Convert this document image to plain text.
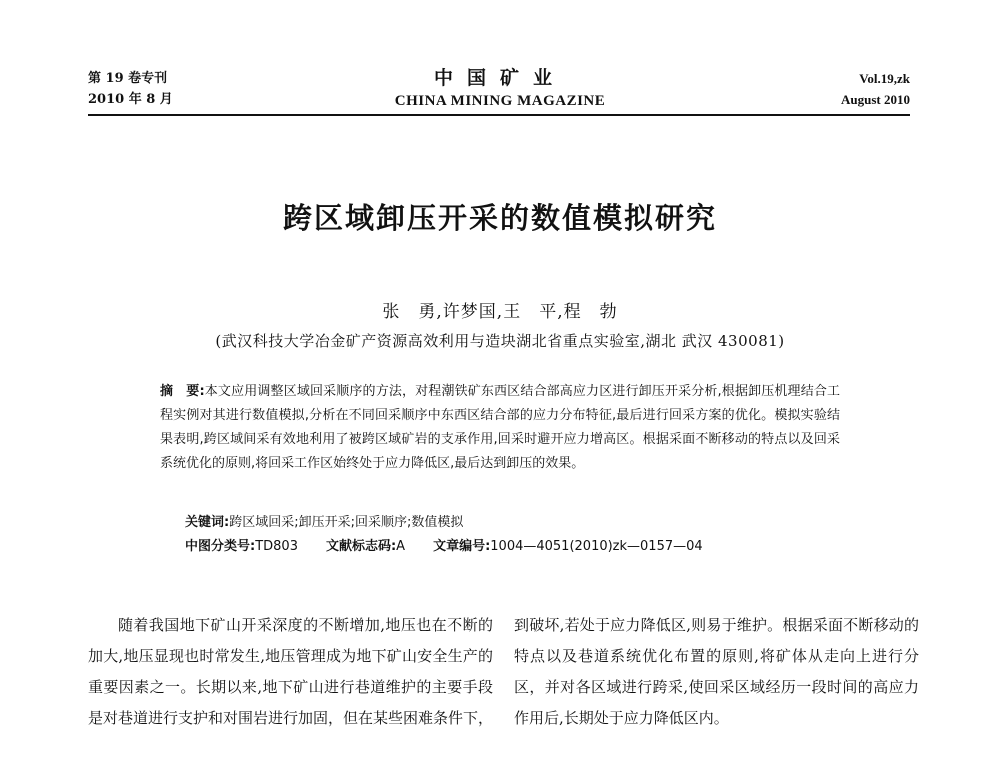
第 19 卷专刊
2010 年 8 月
中国矿业
CHINA MINING MAGAZINE
Vol.19,zk
August 2010
跨区域卸压开采的数值模拟研究
张　勇,许梦国,王　平,程　勃
(武汉科技大学冶金矿产资源高效利用与造块湖北省重点实验室,湖北 武汉 430081)
摘　要:本文应用调整区域回采顺序的方法，对程潮铁矿东西区结合部高应力区进行卸压开采分析,根据卸压机理结合工程实例对其进行数值模拟,分析在不同回采顺序中东西区结合部的应力分布特征,最后进行回采方案的优化。模拟实验结果表明,跨区域间采有效地利用了被跨区域矿岩的支承作用,回采时避开应力增高区。根据采面不断移动的特点以及回采系统优化的原则,将回采工作区始终处于应力降低区,最后达到卸压的效果。
关键词:跨区域回采;卸压开采;回采顺序;数值模拟
中图分类号:TD803 文献标志码:A 文章编号:1004—4051(2010)zk—0157—04
随着我国地下矿山开采深度的不断增加,地压也在不断的加大,地压显现也时常发生,地压管理成为地下矿山安全生产的重要因素之一。长期以来,地下矿山进行巷道维护的主要手段是对巷道进行支护和对围岩进行加固，但在某些困难条件下，
到破坏,若处于应力降低区,则易于维护。根据采面不断移动的特点以及巷道系统优化布置的原则,将矿体从走向上进行分区，并对各区域进行跨采,使回采区域经历一段时间的高应力作用后,长期处于应力降低区内。
